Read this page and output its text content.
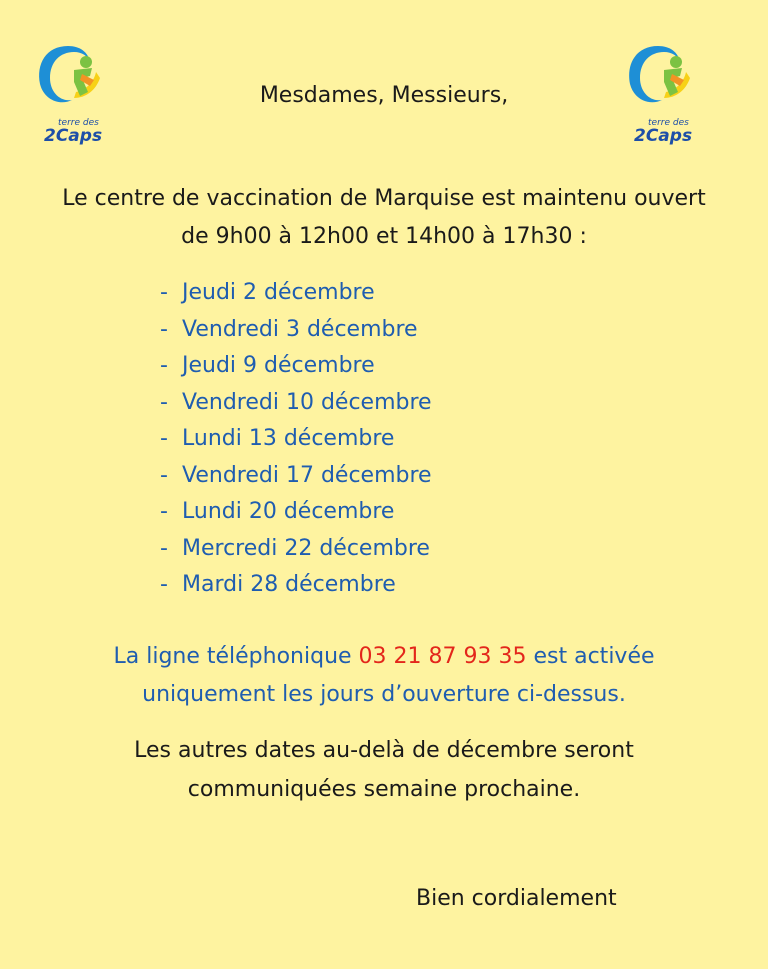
terre des
2Caps
terre des
2Caps
Mesdames, Messieurs,
Le centre de vaccination de Marquise est maintenu ouvert
de 9h00 à 12h00 et 14h00 à 17h30 :
- Jeudi 2 décembre
- Vendredi 3 décembre
- Jeudi 9 décembre
- Vendredi 10 décembre
- Lundi 13 décembre
- Vendredi 17 décembre
- Lundi 20 décembre
- Mercredi 22 décembre
- Mardi 28 décembre
La ligne téléphonique 03 21 87 93 35 est activée
uniquement les jours d’ouverture ci-dessus.
Les autres dates au-delà de décembre seront
communiquées semaine prochaine.
Bien cordialement
